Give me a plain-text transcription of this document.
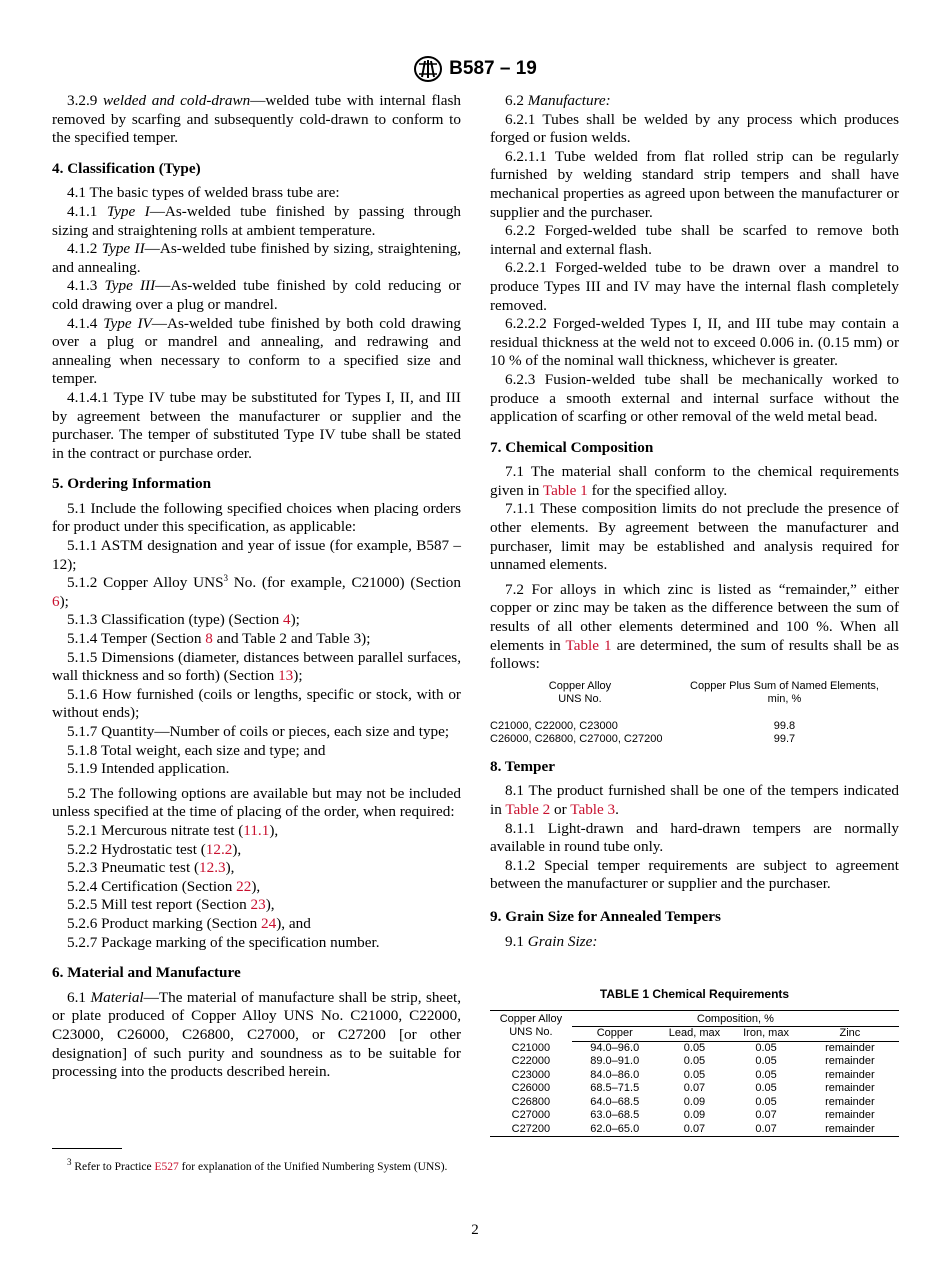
B587 – 19

3.2.9 welded and cold-drawn—welded tube with internal flash removed by scarfing and subsequently cold-drawn to conform to the specified temper.

4. Classification (Type)

4.1 The basic types of welded brass tube are:

4.1.1 Type I—As-welded tube finished by passing through sizing and straightening rolls at ambient temperature.

4.1.2 Type II—As-welded tube finished by sizing, straightening, and annealing.

4.1.3 Type III—As-welded tube finished by cold reducing or cold drawing over a plug or mandrel.

4.1.4 Type IV—As-welded tube finished by both cold drawing over a plug or mandrel and annealing, and redrawing and annealing when necessary to conform to a specified size and temper.

4.1.4.1 Type IV tube may be substituted for Types I, II, and III by agreement between the manufacturer or supplier and the purchaser. The temper of substituted Type IV tube shall be stated in the contract or purchase order.

5. Ordering Information

5.1 Include the following specified choices when placing orders for product under this specification, as applicable:

5.1.1 ASTM designation and year of issue (for example, B587 – 12);

5.1.2 Copper Alloy UNS$^3$ No. (for example, C21000) (Section 6);

5.1.3 Classification (type) (Section 4);

5.1.4 Temper (Section 8 and Table 2 and Table 3);

5.1.5 Dimensions (diameter, distances between parallel surfaces, wall thickness and so forth) (Section 13);

5.1.6 How furnished (coils or lengths, specific or stock, with or without ends);

5.1.7 Quantity—Number of coils or pieces, each size and type;

5.1.8 Total weight, each size and type; and

5.1.9 Intended application.

5.2 The following options are available but may not be included unless specified at the time of placing of the order, when required:

5.2.1 Mercurous nitrate test (11.1),

5.2.2 Hydrostatic test (12.2),

5.2.3 Pneumatic test (12.3),

5.2.4 Certification (Section 22),

5.2.5 Mill test report (Section 23),

5.2.6 Product marking (Section 24), and

5.2.7 Package marking of the specification number.

6. Material and Manufacture

6.1 Material—The material of manufacture shall be strip, sheet, or plate produced of Copper Alloy UNS No. C21000, C22000, C23000, C26000, C26800, C27000, or C27200 [or other designation] of such purity and soundness as to be suitable for processing into the products described herein.

$^3$ Refer to Practice E527 for explanation of the Unified Numbering System (UNS).

6.2 Manufacture:

6.2.1 Tubes shall be welded by any process which produces forged or fusion welds.

6.2.1.1 Tube welded from flat rolled strip can be regularly furnished by welding standard strip tempers and shall have mechanical properties as agreed upon between the manufacturer or supplier and the purchaser.

6.2.2 Forged-welded tube shall be scarfed to remove both internal and external flash.

6.2.2.1 Forged-welded tube to be drawn over a mandrel to produce Types III and IV may have the internal flash completely removed.

6.2.2.2 Forged-welded Types I, II, and III tube may contain a residual thickness at the weld not to exceed 0.006 in. (0.15 mm) or 10 % of the nominal wall thickness, whichever is greater.

6.2.3 Fusion-welded tube shall be mechanically worked to produce a smooth external and internal surface without the application of scarfing or other removal of the weld metal bead.

7. Chemical Composition

7.1 The material shall conform to the chemical requirements given in Table 1 for the specified alloy.

7.1.1 These composition limits do not preclude the presence of other elements. By agreement between the manufacturer and purchaser, limit may be established and analysis required for unnamed elements.

7.2 For alloys in which zinc is listed as “remainder,” either copper or zinc may be taken as the difference between the sum of results of all other elements determined and 100 %. When all elements in Table 1 are determined, the sum of results shall be as follows:

Copper Alloy
UNS No.	Copper Plus Sum of Named Elements,
min, %

C21000, C22000, C23000	99.8
C26000, C26800, C27000, C27200	99.7
8. Temper

8.1 The product furnished shall be one of the tempers indicated in Table 2 or Table 3.

8.1.1 Light-drawn and hard-drawn tempers are normally available in round tube only.

8.1.2 Special temper requirements are subject to agreement between the manufacturer or supplier and the purchaser.

9. Grain Size for Annealed Tempers

9.1 Grain Size:

TABLE 1 Chemical Requirements
Copper Alloy
UNS No.	Composition, %			
	Copper	Lead, max	Iron, max	Zinc
C21000	94.0–96.0	0.05	0.05	remainder
C22000	89.0–91.0	0.05	0.05	remainder
C23000	84.0–86.0	0.05	0.05	remainder
C26000	68.5–71.5	0.07	0.05	remainder
C26800	64.0–68.5	0.09	0.05	remainder
C27000	63.0–68.5	0.09	0.07	remainder
C27200	62.0–65.0	0.07	0.07	remainder
2
